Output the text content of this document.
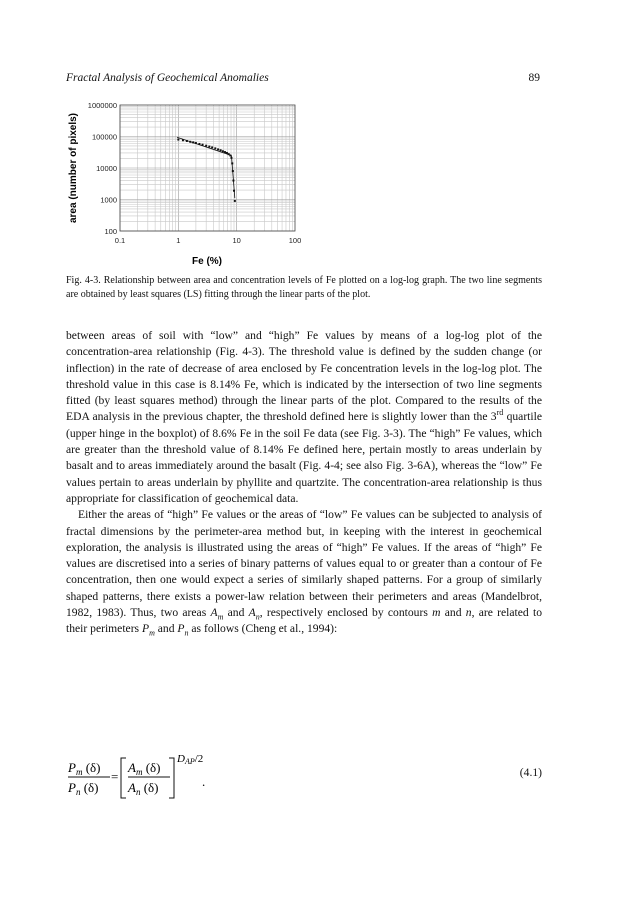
Fractal Analysis of Geochemical Anomalies	89
100
1000
10000
100000
1000000
0.1	1	10	100
area (number of pixels)
Fe (%)
Fig. 4-3. Relationship between area and concentration levels of Fe plotted on a log-log graph. The two line segments are obtained by least squares (LS) fitting through the linear parts of the plot.

between areas of soil with “low” and “high” Fe values by means of a log-log plot of the concentration-area relationship (Fig. 4-3). The threshold value is defined by the sudden change (or inflection) in the rate of decrease of area enclosed by Fe concentration levels in the log-log plot. The threshold value in this case is 8.14% Fe, which is indicated by the intersection of two line segments fitted (by least squares method) through the linear parts of the plot. Compared to the results of the EDA analysis in the previous chapter, the threshold defined here is slightly lower than the 3rd quartile (upper hinge in the boxplot) of 8.6% Fe in the soil Fe data (see Fig. 3-3). The “high” Fe values, which are greater than the threshold value of 8.14% Fe defined here, pertain mostly to areas underlain by basalt and to areas immediately around the basalt (Fig. 4-4; see also Fig. 3-6A), whereas the “low” Fe values pertain to areas underlain by phyllite and quartzite. The concentration-area relationship is thus appropriate for classification of geochemical data.

Either the areas of “high” Fe values or the areas of “low” Fe values can be subjected to analysis of fractal dimensions by the perimeter-area method but, in keeping with the interest in geochemical exploration, the analysis is illustrated using the areas of “high” Fe values. If the areas of “high” Fe values are discretised into a series of binary patterns of values equal to or greater than a contour of Fe concentration, then one would expect a series of similarly shaped patterns. For a group of similarly shaped patterns, there exists a power-law relation between their perimeters and areas (Mandelbrot, 1982, 1983). Thus, two areas $A_m$ and $A_n$, respectively enclosed by contours m and n, are related to their perimeters $P_m$ and $P_n$ as follows (Cheng et al., 1994):

$P_m$ (δ)
$P_n$ (δ)
=
$A_m$ (δ)
$A_n$ (δ)
DAP/2
.
(4.1)
